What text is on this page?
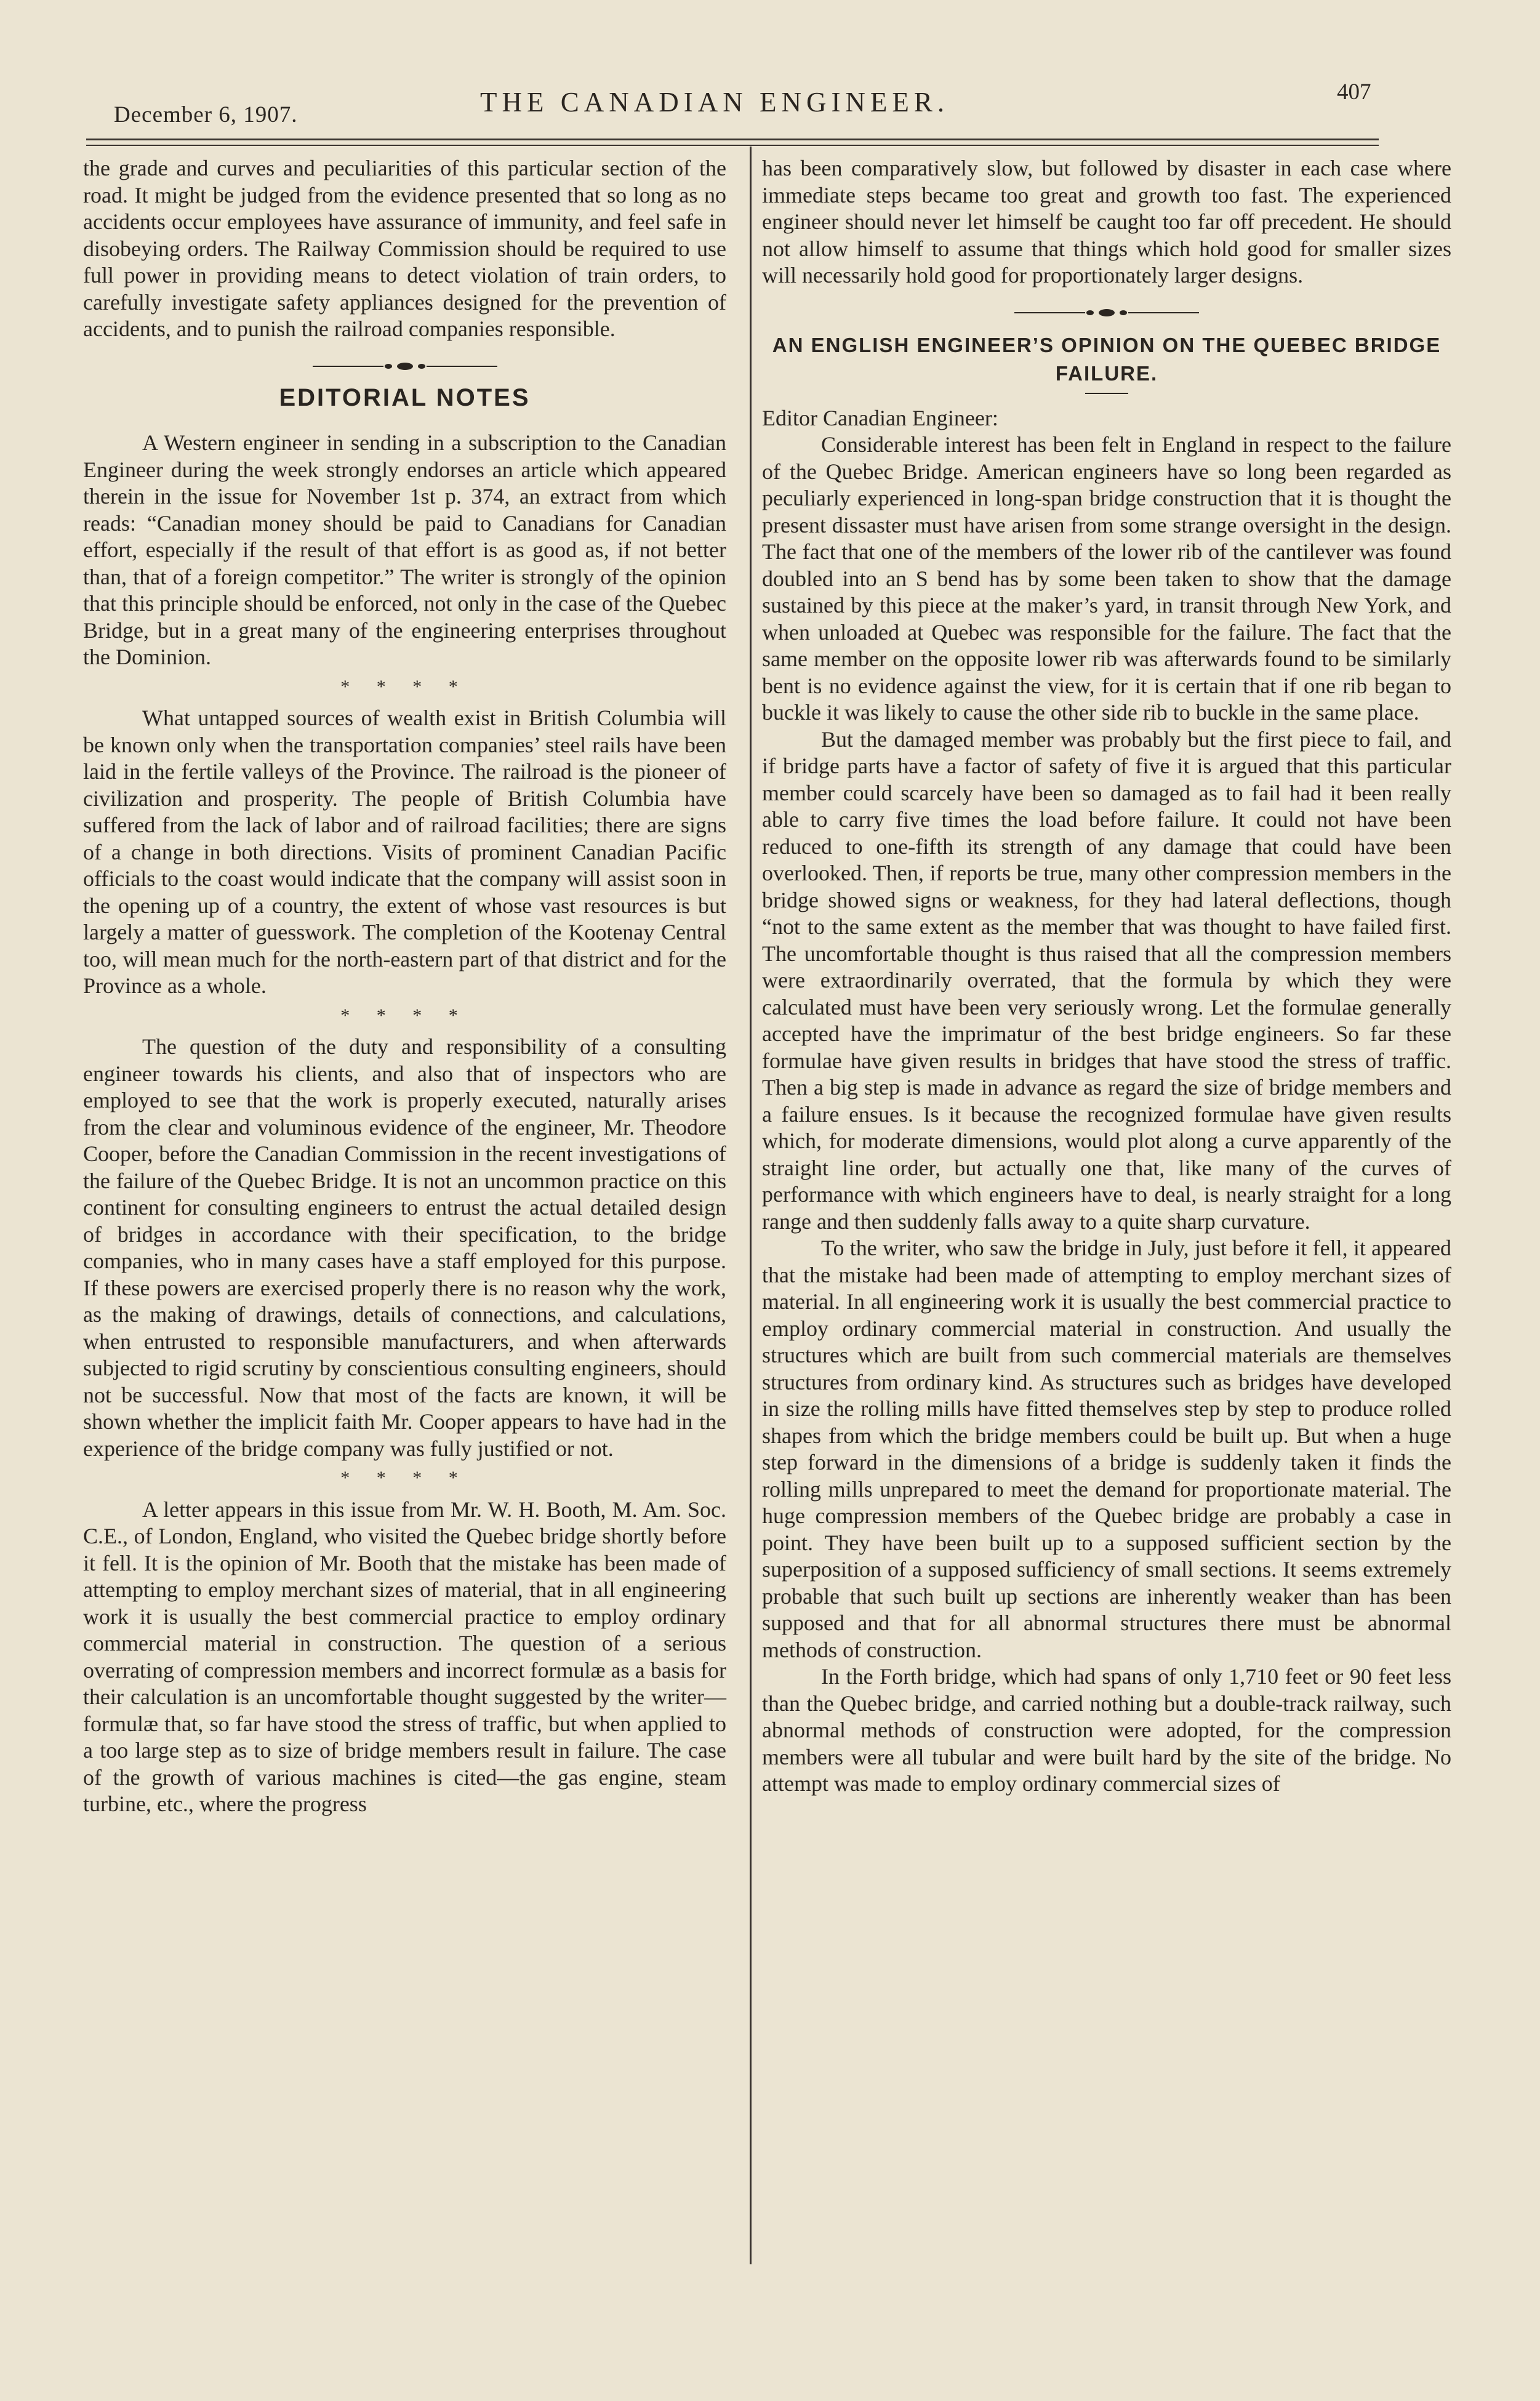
December 6, 1907.	THE CANADIAN ENGINEER.	407

the grade and curves and peculiarities of this particular section of the road. It might be judged from the evidence presented that so long as no accidents occur employees have assurance of immunity, and feel safe in disobeying orders. The Railway Commission should be required to use full power in providing means to detect violation of train orders, to carefully investigate safety appliances designed for the prevention of accidents, and to punish the railroad companies responsible.

EDITORIAL NOTES

A Western engineer in sending in a subscription to the Canadian Engineer during the week strongly endorses an article which appeared therein in the issue for November 1st p. 374, an extract from which reads: “Canadian money should be paid to Canadians for Canadian effort, especially if the result of that effort is as good as, if not better than, that of a foreign competitor.” The writer is strongly of the opinion that this principle should be enforced, not only in the case of the Quebec Bridge, but in a great many of the engineering enterprises throughout the Dominion.

* * * *

What untapped sources of wealth exist in British Columbia will be known only when the transportation companies’ steel rails have been laid in the fertile valleys of the Province. The railroad is the pioneer of civilization and prosperity. The people of British Columbia have suffered from the lack of labor and of railroad facilities; there are signs of a change in both directions. Visits of prominent Canadian Pacific officials to the coast would indicate that the company will assist soon in the opening up of a country, the extent of whose vast resources is but largely a matter of guesswork. The completion of the Kootenay Central too, will mean much for the north-eastern part of that district and for the Province as a whole.

* * * *

The question of the duty and responsibility of a consulting engineer towards his clients, and also that of inspectors who are employed to see that the work is properly executed, naturally arises from the clear and voluminous evidence of the engineer, Mr. Theodore Cooper, before the Canadian Commission in the recent investigations of the failure of the Quebec Bridge. It is not an uncommon practice on this continent for consulting engineers to entrust the actual detailed design of bridges in accordance with their specification, to the bridge companies, who in many cases have a staff employed for this purpose. If these powers are exercised properly there is no reason why the work, as the making of drawings, details of connections, and calculations, when entrusted to responsible manufacturers, and when afterwards subjected to rigid scrutiny by conscientious consulting engineers, should not be successful. Now that most of the facts are known, it will be shown whether the implicit faith Mr. Cooper appears to have had in the experience of the bridge company was fully justified or not.

* * * *

A letter appears in this issue from Mr. W. H. Booth, M. Am. Soc. C.E., of London, England, who visited the Quebec bridge shortly before it fell. It is the opinion of Mr. Booth that the mistake has been made of attempting to employ merchant sizes of material, that in all engineering work it is usually the best commercial practice to employ ordinary commercial material in construction. The question of a serious overrating of compression members and incorrect formulæ as a basis for their calculation is an uncomfortable thought suggested by the writer—formulæ that, so far have stood the stress of traffic, but when applied to a too large step as to size of bridge members result in failure. The case of the growth of various machines is cited—the gas engine, steam turbine, etc., where the progress

has been comparatively slow, but followed by disaster in each case where immediate steps became too great and growth too fast. The experienced engineer should never let himself be caught too far off precedent. He should not allow himself to assume that things which hold good for smaller sizes will necessarily hold good for proportionately larger designs.

AN ENGLISH ENGINEER’S OPINION ON THE QUEBEC BRIDGE FAILURE.

Editor Canadian Engineer:

Considerable interest has been felt in England in respect to the failure of the Quebec Bridge. American engineers have so long been regarded as peculiarly experienced in long-span bridge construction that it is thought the present dissaster must have arisen from some strange oversight in the design. The fact that one of the members of the lower rib of the cantilever was found doubled into an S bend has by some been taken to show that the damage sustained by this piece at the maker’s yard, in transit through New York, and when unloaded at Quebec was responsible for the failure. The fact that the same member on the opposite lower rib was afterwards found to be similarly bent is no evidence against the view, for it is certain that if one rib began to buckle it was likely to cause the other side rib to buckle in the same place.

But the damaged member was probably but the first piece to fail, and if bridge parts have a factor of safety of five it is argued that this particular member could scarcely have been so damaged as to fail had it been really able to carry five times the load before failure. It could not have been reduced to one-fifth its strength of any damage that could have been overlooked. Then, if reports be true, many other compression members in the bridge showed signs or weakness, for they had lateral deflections, though “not to the same extent as the member that was thought to have failed first. The uncomfortable thought is thus raised that all the compression members were extraordinarily overrated, that the formula by which they were calculated must have been very seriously wrong. Let the formulae generally accepted have the imprimatur of the best bridge engineers. So far these formulae have given results in bridges that have stood the stress of traffic. Then a big step is made in advance as regard the size of bridge members and a failure ensues. Is it because the recognized formulae have given results which, for moderate dimensions, would plot along a curve apparently of the straight line order, but actually one that, like many of the curves of performance with which engineers have to deal, is nearly straight for a long range and then suddenly falls away to a quite sharp curvature.

To the writer, who saw the bridge in July, just before it fell, it appeared that the mistake had been made of attempting to employ merchant sizes of material. In all engineering work it is usually the best commercial practice to employ ordinary commercial material in construction. And usually the structures which are built from such commercial materials are themselves structures from ordinary kind. As structures such as bridges have developed in size the rolling mills have fitted themselves step by step to produce rolled shapes from which the bridge members could be built up. But when a huge step forward in the dimensions of a bridge is suddenly taken it finds the rolling mills unprepared to meet the demand for proportionate material. The huge compression members of the Quebec bridge are probably a case in point. They have been built up to a supposed sufficient section by the superposition of a supposed sufficiency of small sections. It seems extremely probable that such built up sections are inherently weaker than has been supposed and that for all abnormal structures there must be abnormal methods of construction.

In the Forth bridge, which had spans of only 1,710 feet or 90 feet less than the Quebec bridge, and carried nothing but a double-track railway, such abnormal methods of construction were adopted, for the compression members were all tubular and were built hard by the site of the bridge. No attempt was made to employ ordinary commercial sizes of
